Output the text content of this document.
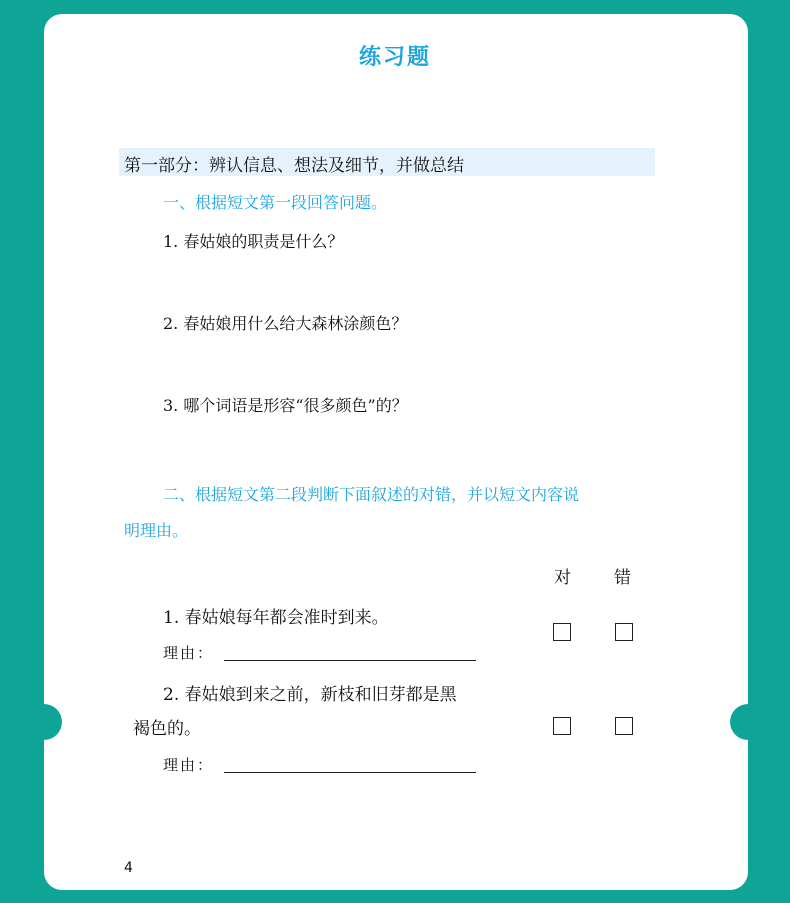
练习题
第一部分：辨认信息、想法及细节，并做总结
一、根据短文第一段回答问题。
1. 春姑娘的职责是什么？
2. 春姑娘用什么给大森林涂颜色？
3. 哪个词语是形容“很多颜色”的？
二、根据短文第二段判断下面叙述的对错，并以短文内容说
明理由。
对	错
1. 春姑娘每年都会准时到来。
理由：
2. 春姑娘到来之前，新枝和旧芽都是黑
褐色的。
理由：
4
